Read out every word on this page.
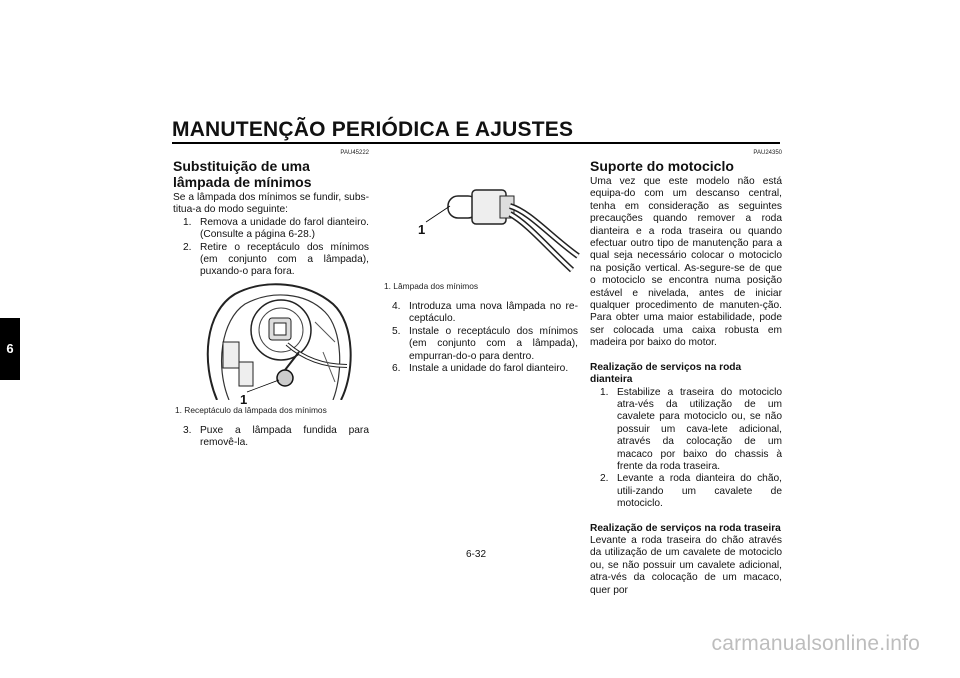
MANUTENÇÃO PERIÓDICA E AJUSTES
6
PAU45222
Substituição de uma lâmpada de mínimos

Se a lâmpada dos mínimos se fundir, subs-titua-a do modo seguinte:

1. Remova a unidade do farol dianteiro. (Consulte a página 6-28.)
2. Retire o receptáculo dos mínimos (em conjunto com a lâmpada), puxando-o para fora.
1
1. Receptáculo da lâmpada dos mínimos
3. Puxe a lâmpada fundida para removê-la.
1
1. Lâmpada dos mínimos
4. Introduza uma nova lâmpada no re-ceptáculo.
5. Instale o receptáculo dos mínimos (em conjunto com a lâmpada), empurran-do-o para dentro.
6. Instale a unidade do farol dianteiro.
PAU24350
Suporte do motociclo

Uma vez que este modelo não está equipa-do com um descanso central, tenha em consideração as seguintes precauções quando remover a roda dianteira e a roda traseira ou quando efectuar outro tipo de manutenção para a qual seja necessário colocar o motociclo na posição vertical. As-segure-se de que o motociclo se encontra numa posição estável e nivelada, antes de iniciar qualquer procedimento de manuten-ção. Para obter uma maior estabilidade, pode ser colocada uma caixa robusta em madeira por baixo do motor.

Realização de serviços na roda dianteira

1. Estabilize a traseira do motociclo atra-vés da utilização de um cavalete para motociclo ou, se não possuir um cava-lete adicional, através da colocação de um macaco por baixo do chassis à frente da roda traseira.
2. Levante a roda dianteira do chão, utili-zando um cavalete de motociclo.

Realização de serviços na roda traseira

Levante a roda traseira do chão através da utilização de um cavalete de motociclo ou, se não possuir um cavalete adicional, atra-vés da colocação de um macaco, quer por

6-32
carmanualsonline.info
